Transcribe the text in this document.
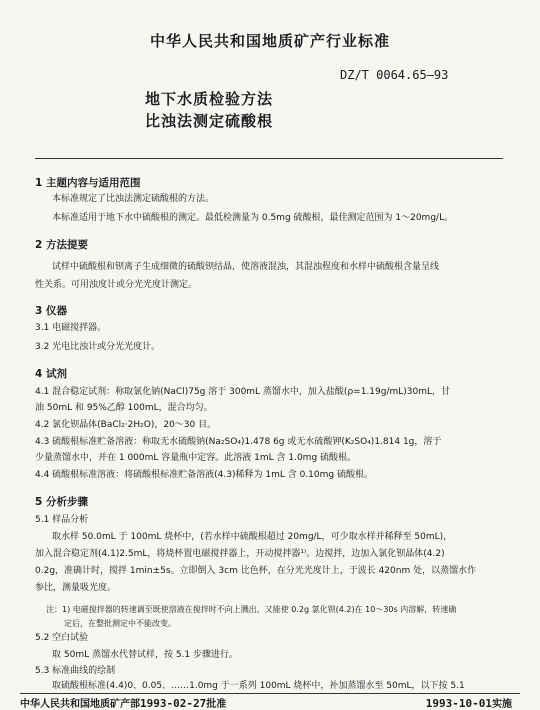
中华人民共和国地质矿产行业标准
DZ/T 0064.65—93
地下水质检验方法
比浊法测定硫酸根
1 主题内容与适用范围
本标准规定了比浊法测定硫酸根的方法。
本标准适用于地下水中硫酸根的测定。最低检测量为 0.5mg 硫酸根，最佳测定范围为 1～20mg/L。
2 方法提要
试样中硫酸根和钡离子生成细微的硫酸钡结晶，使溶液混浊，其混浊程度和水样中硫酸根含量呈线
性关系。可用浊度计或分光光度计测定。
3 仪器
3.1 电磁搅拌器。
3.2 光电比浊计或分光光度计。
4 试剂
4.1 混合稳定试剂：称取氯化钠(NaCl)75g 溶于 300mL 蒸馏水中，加入盐酸(ρ=1.19g/mL)30mL，甘
油 50mL 和 95%乙醇 100mL，混合均匀。
4.2 氯化钡晶体(BaCl₂·2H₂O)，20～30 目。
4.3 硫酸根标准贮备溶液：称取无水硫酸钠(Na₂SO₄)1.478 6g 或无水硫酸钾(K₂SO₄)1.814 1g，溶于
少量蒸馏水中，并在 1 000mL 容量瓶中定容。此溶液 1mL 含 1.0mg 硫酸根。
4.4 硫酸根标准溶液：将硫酸根标准贮备溶液(4.3)稀释为 1mL 含 0.10mg 硫酸根。
5 分析步骤
5.1 样品分析
取水样 50.0mL 于 100mL 烧杯中，(若水样中硫酸根超过 20mg/L，可少取水样并稀释至 50mL)，
加入混合稳定剂(4.1)2.5mL，将烧杯置电磁搅拌器上，开动搅拌器¹⁾。边搅拌，边加入氯化钡晶体(4.2)
0.2g，准确计时，搅拌 1min±5s。立即倒入 3cm 比色杯，在分光光度计上，于波长 420nm 处，以蒸馏水作
参比，测量吸光度。
注：1) 电磁搅拌器的转速调至既使溶液在搅拌时不向上溅出，又能使 0.2g 氯化钡(4.2)在 10～30s 内溶解，转速确
定后，在整批测定中不能改变。
5.2 空白试验
取 50mL 蒸馏水代替试样，按 5.1 步骤进行。
5.3 标准曲线的绘制
取硫酸根标准(4.4)0、0.05、……1.0mg 于一系列 100mL 烧杯中，补加蒸馏水至 50mL，以下按 5.1
中华人民共和国地质矿产部1993-02-27批准	1993-10-01实施
